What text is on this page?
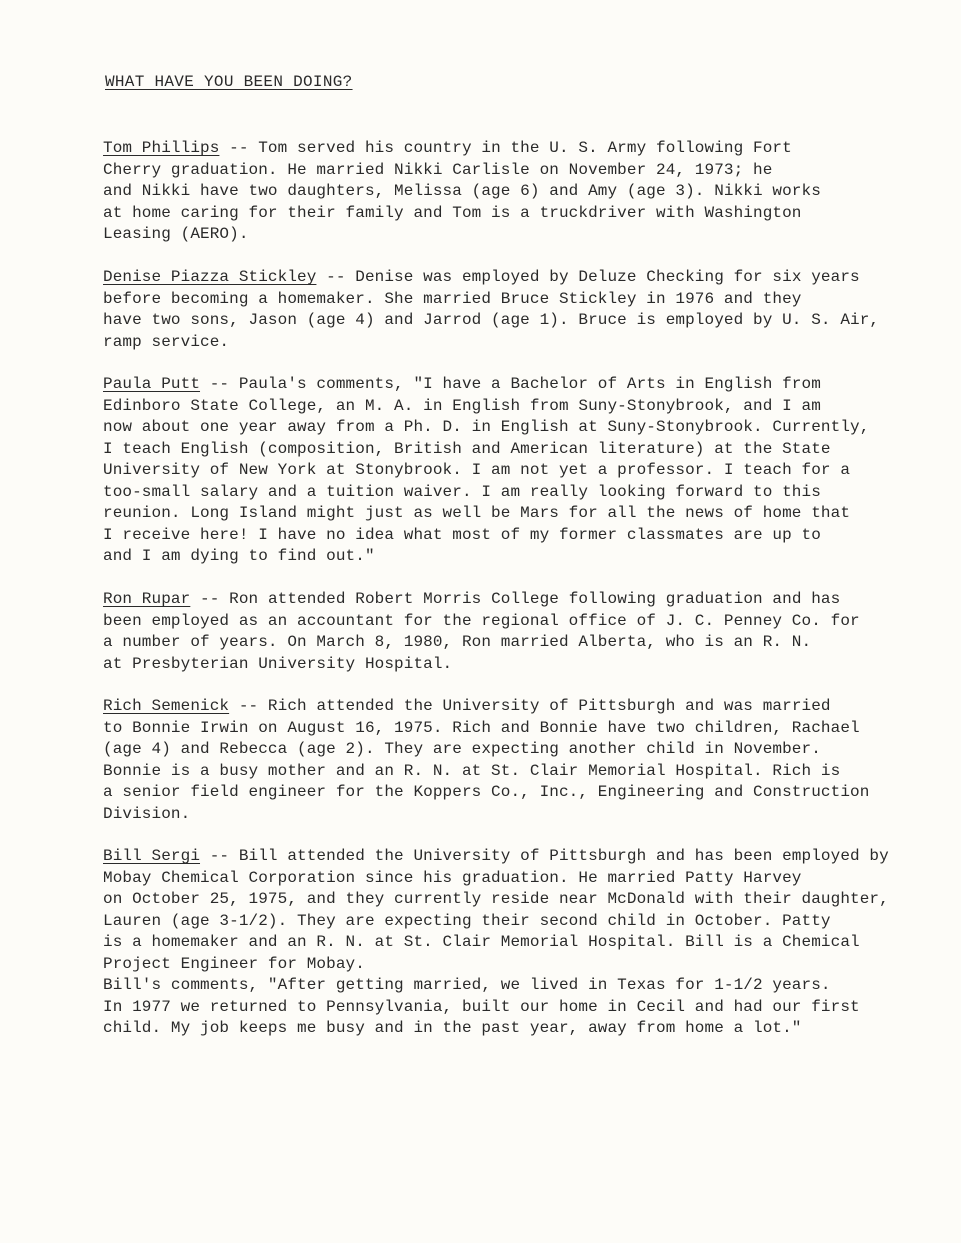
WHAT HAVE YOU BEEN DOING?
Tom Phillips -- Tom served his country in the U. S. Army following Fort
Cherry graduation. He married Nikki Carlisle on November 24, 1973; he
and Nikki have two daughters, Melissa (age 6) and Amy (age 3). Nikki works
at home caring for their family and Tom is a truckdriver with Washington
Leasing (AERO).
Denise Piazza Stickley -- Denise was employed by Deluze Checking for six years
before becoming a homemaker. She married Bruce Stickley in 1976 and they
have two sons, Jason (age 4) and Jarrod (age 1). Bruce is employed by U. S. Air,
ramp service.
Paula Putt -- Paula's comments, "I have a Bachelor of Arts in English from
Edinboro State College, an M. A. in English from Suny-Stonybrook, and I am
now about one year away from a Ph. D. in English at Suny-Stonybrook. Currently,
I teach English (composition, British and American literature) at the State
University of New York at Stonybrook. I am not yet a professor. I teach for a
too-small salary and a tuition waiver. I am really looking forward to this
reunion. Long Island might just as well be Mars for all the news of home that
I receive here! I have no idea what most of my former classmates are up to
and I am dying to find out."
Ron Rupar -- Ron attended Robert Morris College following graduation and has
been employed as an accountant for the regional office of J. C. Penney Co. for
a number of years. On March 8, 1980, Ron married Alberta, who is an R. N.
at Presbyterian University Hospital.
Rich Semenick -- Rich attended the University of Pittsburgh and was married
to Bonnie Irwin on August 16, 1975. Rich and Bonnie have two children, Rachael
(age 4) and Rebecca (age 2). They are expecting another child in November.
Bonnie is a busy mother and an R. N. at St. Clair Memorial Hospital. Rich is
a senior field engineer for the Koppers Co., Inc., Engineering and Construction
Division.
Bill Sergi -- Bill attended the University of Pittsburgh and has been employed by
Mobay Chemical Corporation since his graduation. He married Patty Harvey
on October 25, 1975, and they currently reside near McDonald with their daughter,
Lauren (age 3-1/2). They are expecting their second child in October. Patty
is a homemaker and an R. N. at St. Clair Memorial Hospital. Bill is a Chemical
Project Engineer for Mobay.
Bill's comments, "After getting married, we lived in Texas for 1-1/2 years.
In 1977 we returned to Pennsylvania, built our home in Cecil and had our first
child. My job keeps me busy and in the past year, away from home a lot."
